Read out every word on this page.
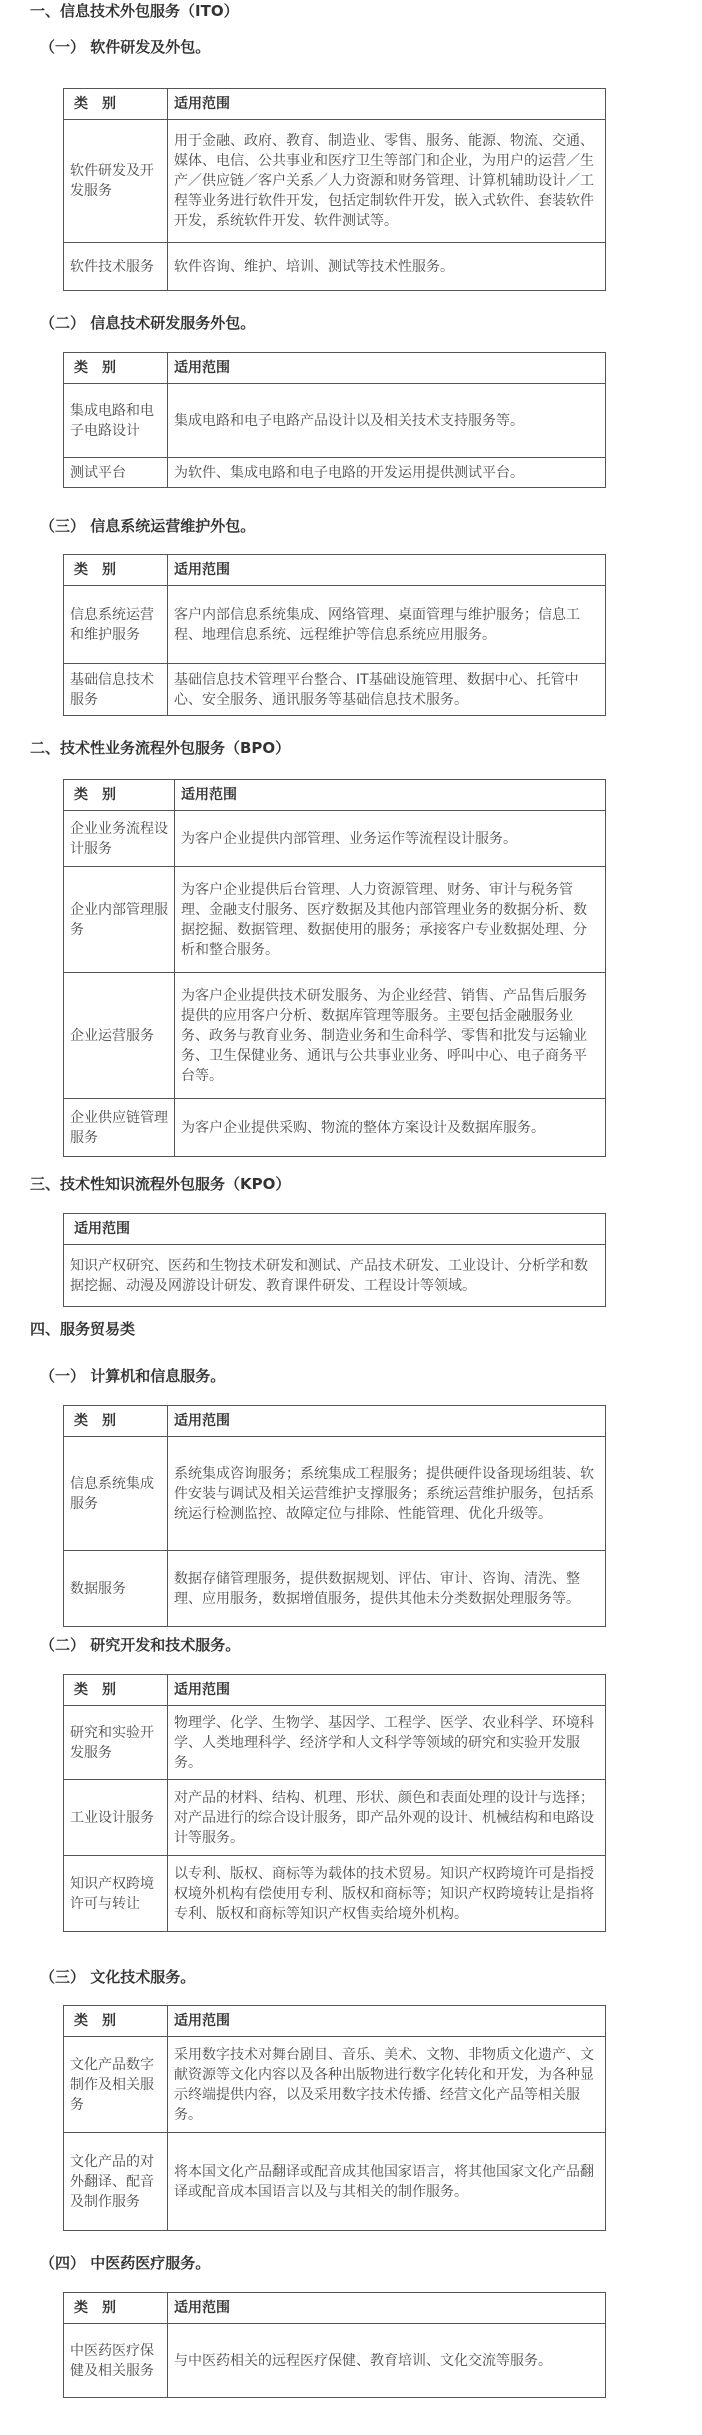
一、信息技术外包服务（ITO）
（一） 软件研发及外包。
类　别	适用范围
软件研发及开发服务	用于金融、政府、教育、制造业、零售、服务、能源、物流、交通、媒体、电信、公共事业和医疗卫生等部门和企业，为用户的运营／生产／供应链／客户关系／人力资源和财务管理、计算机辅助设计／工程等业务进行软件开发，包括定制软件开发，嵌入式软件、套装软件开发，系统软件开发、软件测试等。
软件技术服务	软件咨询、维护、培训、测试等技术性服务。
（二） 信息技术研发服务外包。
类　别	适用范围
集成电路和电子电路设计	集成电路和电子电路产品设计以及相关技术支持服务等。
测试平台	为软件、集成电路和电子电路的开发运用提供测试平台。
（三） 信息系统运营维护外包。
类　别	适用范围
信息系统运营和维护服务	客户内部信息系统集成、网络管理、桌面管理与维护服务；信息工程、地理信息系统、远程维护等信息系统应用服务。
基础信息技术服务	基础信息技术管理平台整合、IT基础设施管理、数据中心、托管中心、安全服务、通讯服务等基础信息技术服务。
二、技术性业务流程外包服务（BPO）
类　别	适用范围
企业业务流程设计服务	为客户企业提供内部管理、业务运作等流程设计服务。
企业内部管理服务	为客户企业提供后台管理、人力资源管理、财务、审计与税务管理、金融支付服务、医疗数据及其他内部管理业务的数据分析、数据挖掘、数据管理、数据使用的服务；承接客户专业数据处理、分析和整合服务。
企业运营服务	为客户企业提供技术研发服务、为企业经营、销售、产品售后服务提供的应用客户分析、数据库管理等服务。主要包括金融服务业务、政务与教育业务、制造业务和生命科学、零售和批发与运输业务、卫生保健业务、通讯与公共事业业务、呼叫中心、电子商务平台等。
企业供应链管理服务	为客户企业提供采购、物流的整体方案设计及数据库服务。
三、技术性知识流程外包服务（KPO）
适用范围
知识产权研究、医药和生物技术研发和测试、产品技术研发、工业设计、分析学和数据挖掘、动漫及网游设计研发、教育课件研发、工程设计等领域。
四、服务贸易类
（一） 计算机和信息服务。
类　别	适用范围
信息系统集成服务	系统集成咨询服务；系统集成工程服务；提供硬件设备现场组装、软件安装与调试及相关运营维护支撑服务；系统运营维护服务，包括系统运行检测监控、故障定位与排除、性能管理、优化升级等。
数据服务	数据存储管理服务，提供数据规划、评估、审计、咨询、清洗、整理、应用服务，数据增值服务，提供其他未分类数据处理服务等。
（二） 研究开发和技术服务。
类　别	适用范围
研究和实验开发服务	物理学、化学、生物学、基因学、工程学、医学、农业科学、环境科学、人类地理科学、经济学和人文科学等领域的研究和实验开发服务。
工业设计服务	对产品的材料、结构、机理、形状、颜色和表面处理的设计与选择；对产品进行的综合设计服务，即产品外观的设计、机械结构和电路设计等服务。
知识产权跨境许可与转让	以专利、版权、商标等为载体的技术贸易。知识产权跨境许可是指授权境外机构有偿使用专利、版权和商标等；知识产权跨境转让是指将专利、版权和商标等知识产权售卖给境外机构。
（三） 文化技术服务。
类　别	适用范围
文化产品数字制作及相关服务	采用数字技术对舞台剧目、音乐、美术、文物、非物质文化遗产、文献资源等文化内容以及各种出版物进行数字化转化和开发，为各种显示终端提供内容，以及采用数字技术传播、经营文化产品等相关服务。
文化产品的对外翻译、配音及制作服务	将本国文化产品翻译或配音成其他国家语言，将其他国家文化产品翻译或配音成本国语言以及与其相关的制作服务。
（四） 中医药医疗服务。
类　别	适用范围
中医药医疗保健及相关服务	与中医药相关的远程医疗保健、教育培训、文化交流等服务。
